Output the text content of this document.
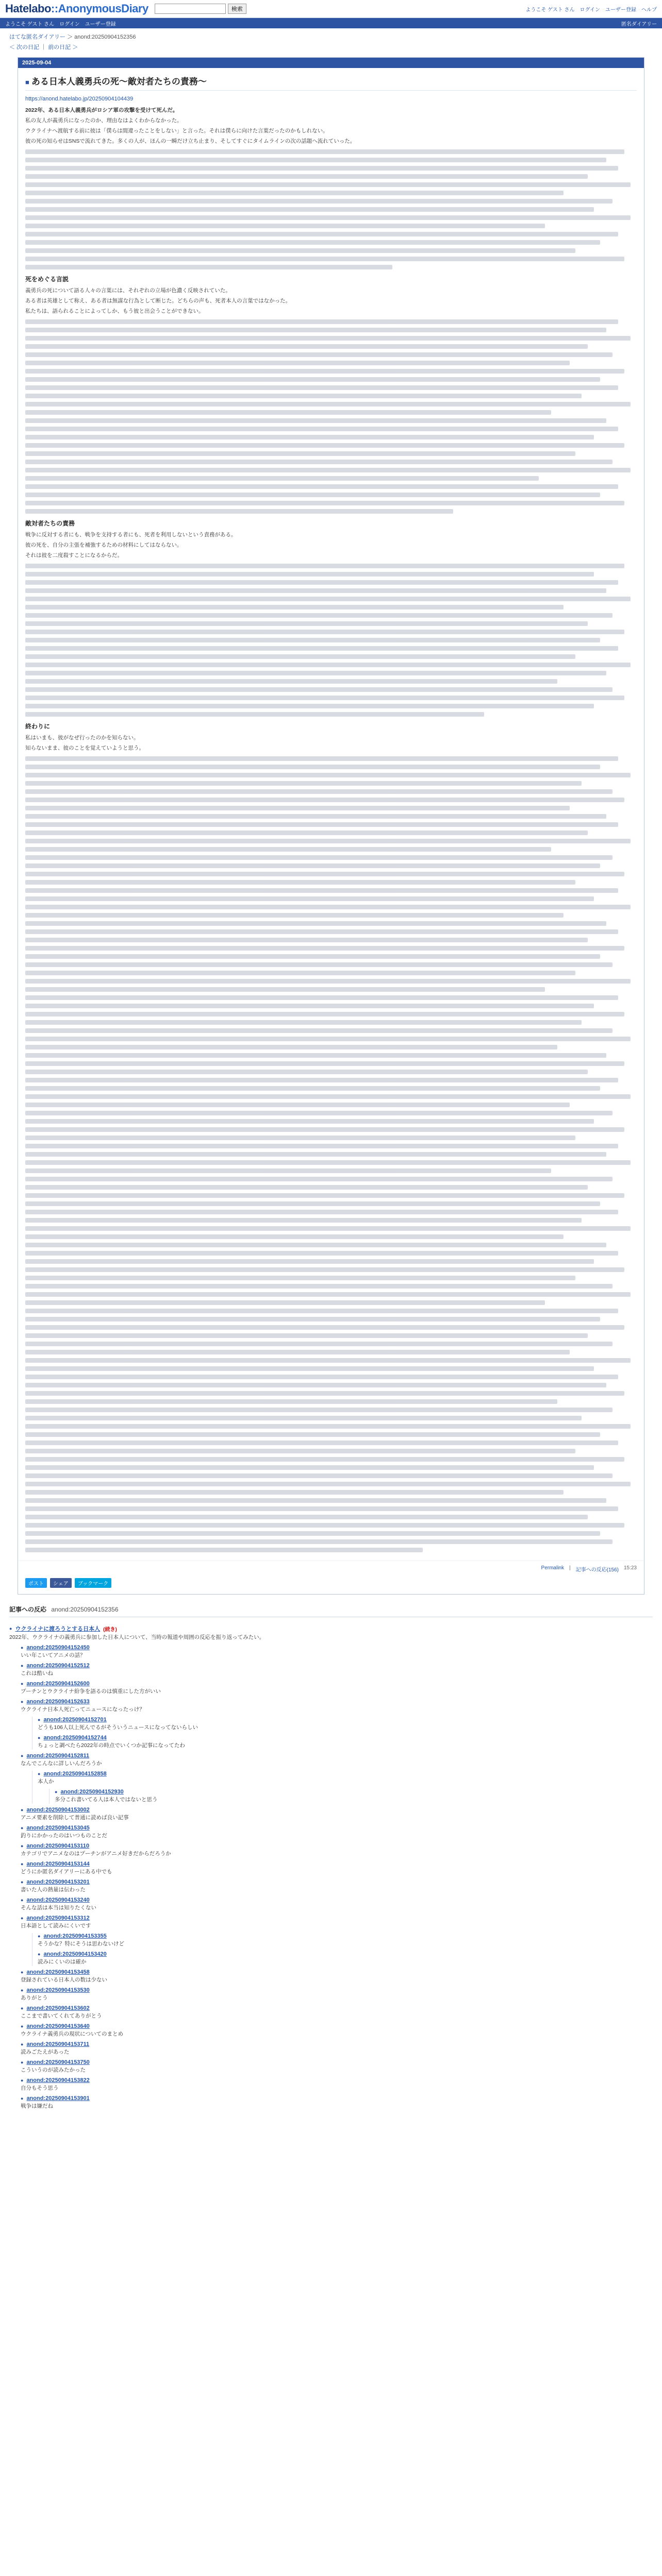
Hatelabo::AnonymousDiary	検索	ようこそ ゲスト さん ログイン ユーザー登録 ヘルプ
ようこそ ゲスト さん ログイン ユーザー登録	匿名ダイアリー
はてな匿名ダイアリー ＞ anond:20250904152356
＜ 次の日記 ｜ 前の日記 ＞
2025-09-04
■ ある日本人義勇兵の死〜敵対者たちの責務〜
https://anond.hatelabo.jp/20250904104439

2022年、ある日本人義勇兵がロシア軍の攻撃を受けて死んだ。

私の友人が義勇兵になったのか、理由なはよくわからなかった。

ウクライナへ渡航する前に彼は「僕らは間違ったことをしない」と言った。それは僕らに向けた言葉だったのかもしれない。

彼の死の知らせはSNSで流れてきた。多くの人が、ほんの一瞬だけ立ち止まり、そしてすぐにタイムラインの次の話題へ流れていった。

死をめぐる言説

義勇兵の死について語る人々の言葉には、それぞれの立場が色濃く反映されていた。

ある者は英雄として称え、ある者は無謀な行為として断じた。どちらの声も、死者本人の言葉ではなかった。

私たちは、語られることによってしか、もう彼と出会うことができない。

敵対者たちの責務

戦争に反対する者にも、戦争を支持する者にも、死者を利用しないという責務がある。

彼の死を、自分の主張を補強するための材料にしてはならない。

それは彼を二度殺すことになるからだ。

終わりに

私はいまも、彼がなぜ行ったのかを知らない。

知らないまま、彼のことを覚えていようと思う。

Permalink | 記事への反応(156) 15:23
ポスト	シェア	ブックマーク
記事への反応 anond:20250904152356
● ウクライナに渡ろうとする日本人 (続き)
2022年、ウクライナの義勇兵に参加した日本人について、当時の報道や周囲の反応を振り返ってみたい。
● anond:20250904152450
いい年こいてアニメの話？
● anond:20250904152512
これは酷いね
● anond:20250904152600
プーチンとウクライナ紛争を語るのは慎重にした方がいい
● anond:20250904152633
ウクライナ日本人死亡ってニュースになったっけ？
● anond:20250904152701
どうも106人以上死んでるがそういうニュースになってないらしい
● anond:20250904152744
ちょっと調べたら2022年の時点でいくつか記事になってたわ
● anond:20250904152811
なんでこんなに詳しいんだろうか
● anond:20250904152858
本人か
● anond:20250904152930
多分これ書いてる人は本人ではないと思う
● anond:20250904153002
アニメ要素を削除して普通に読めば良い記事
● anond:20250904153045
釣りにかかったのはいつものことだ
● anond:20250904153110
カテゴリでアニメなのはプーチンがアニメ好きだからだろうか
● anond:20250904153144
どうにか匿名ダイアリーにある中でも
● anond:20250904153201
書いた人の熱量は伝わった
● anond:20250904153240
そんな話は本当は知りたくない
● anond:20250904153312
日本語として読みにくいです
● anond:20250904153355
そうかな？特にそうは思わないけど
● anond:20250904153420
読みにくいのは確か
● anond:20250904153458
登録されている日本人の数は少ない
● anond:20250904153530
ありがとう
● anond:20250904153602
ここまで書いてくれてありがとう
● anond:20250904153640
ウクライナ義勇兵の現状についてのまとめ
● anond:20250904153711
読みごたえがあった
● anond:20250904153750
こういうのが読みたかった
● anond:20250904153822
自分もそう思う
● anond:20250904153901
戦争は嫌だね
